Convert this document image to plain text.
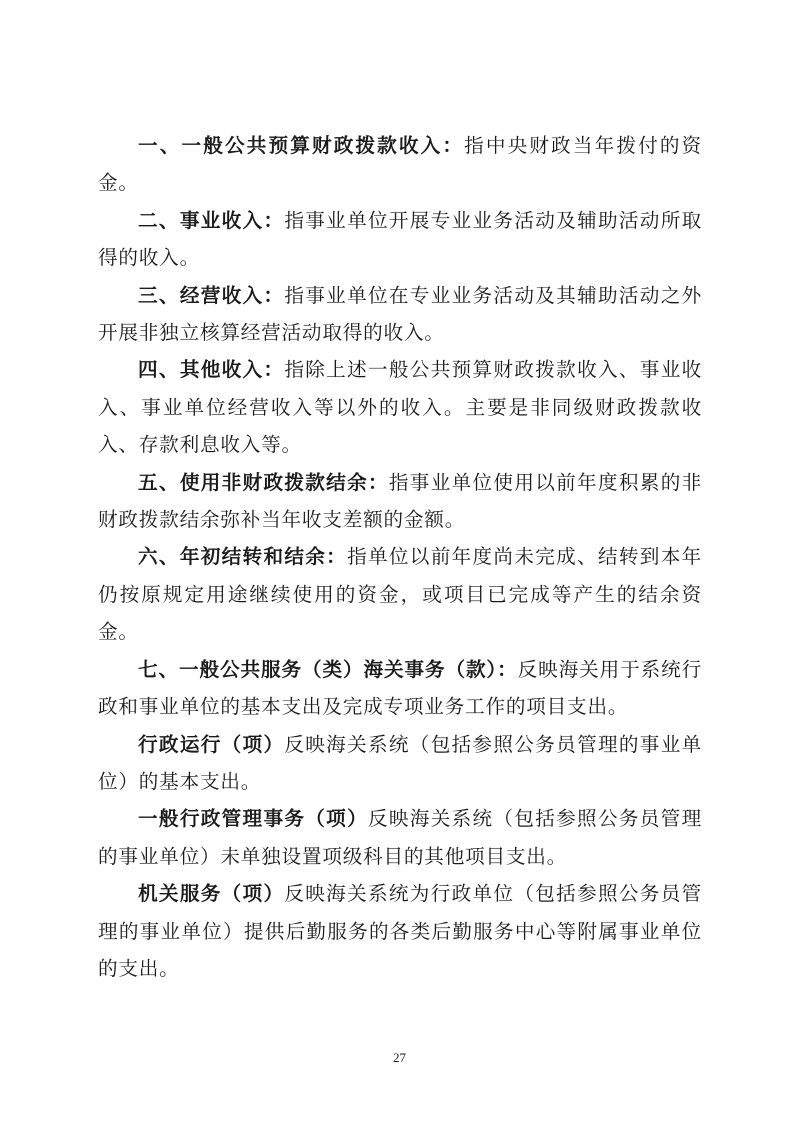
一、一般公共预算财政拨款收入：指中央财政当年拨付的资金。

二、事业收入：指事业单位开展专业业务活动及辅助活动所取得的收入。

三、经营收入：指事业单位在专业业务活动及其辅助活动之外开展非独立核算经营活动取得的收入。

四、其他收入：指除上述一般公共预算财政拨款收入、事业收入、事业单位经营收入等以外的收入。主要是非同级财政拨款收入、存款利息收入等。

五、使用非财政拨款结余：指事业单位使用以前年度积累的非财政拨款结余弥补当年收支差额的金额。

六、年初结转和结余：指单位以前年度尚未完成、结转到本年仍按原规定用途继续使用的资金，或项目已完成等产生的结余资金。

七、一般公共服务（类）海关事务（款）：反映海关用于系统行政和事业单位的基本支出及完成专项业务工作的项目支出。

行政运行（项）反映海关系统（包括参照公务员管理的事业单位）的基本支出。

一般行政管理事务（项）反映海关系统（包括参照公务员管理的事业单位）未单独设置项级科目的其他项目支出。

机关服务（项）反映海关系统为行政单位（包括参照公务员管理的事业单位）提供后勤服务的各类后勤服务中心等附属事业单位的支出。

27
